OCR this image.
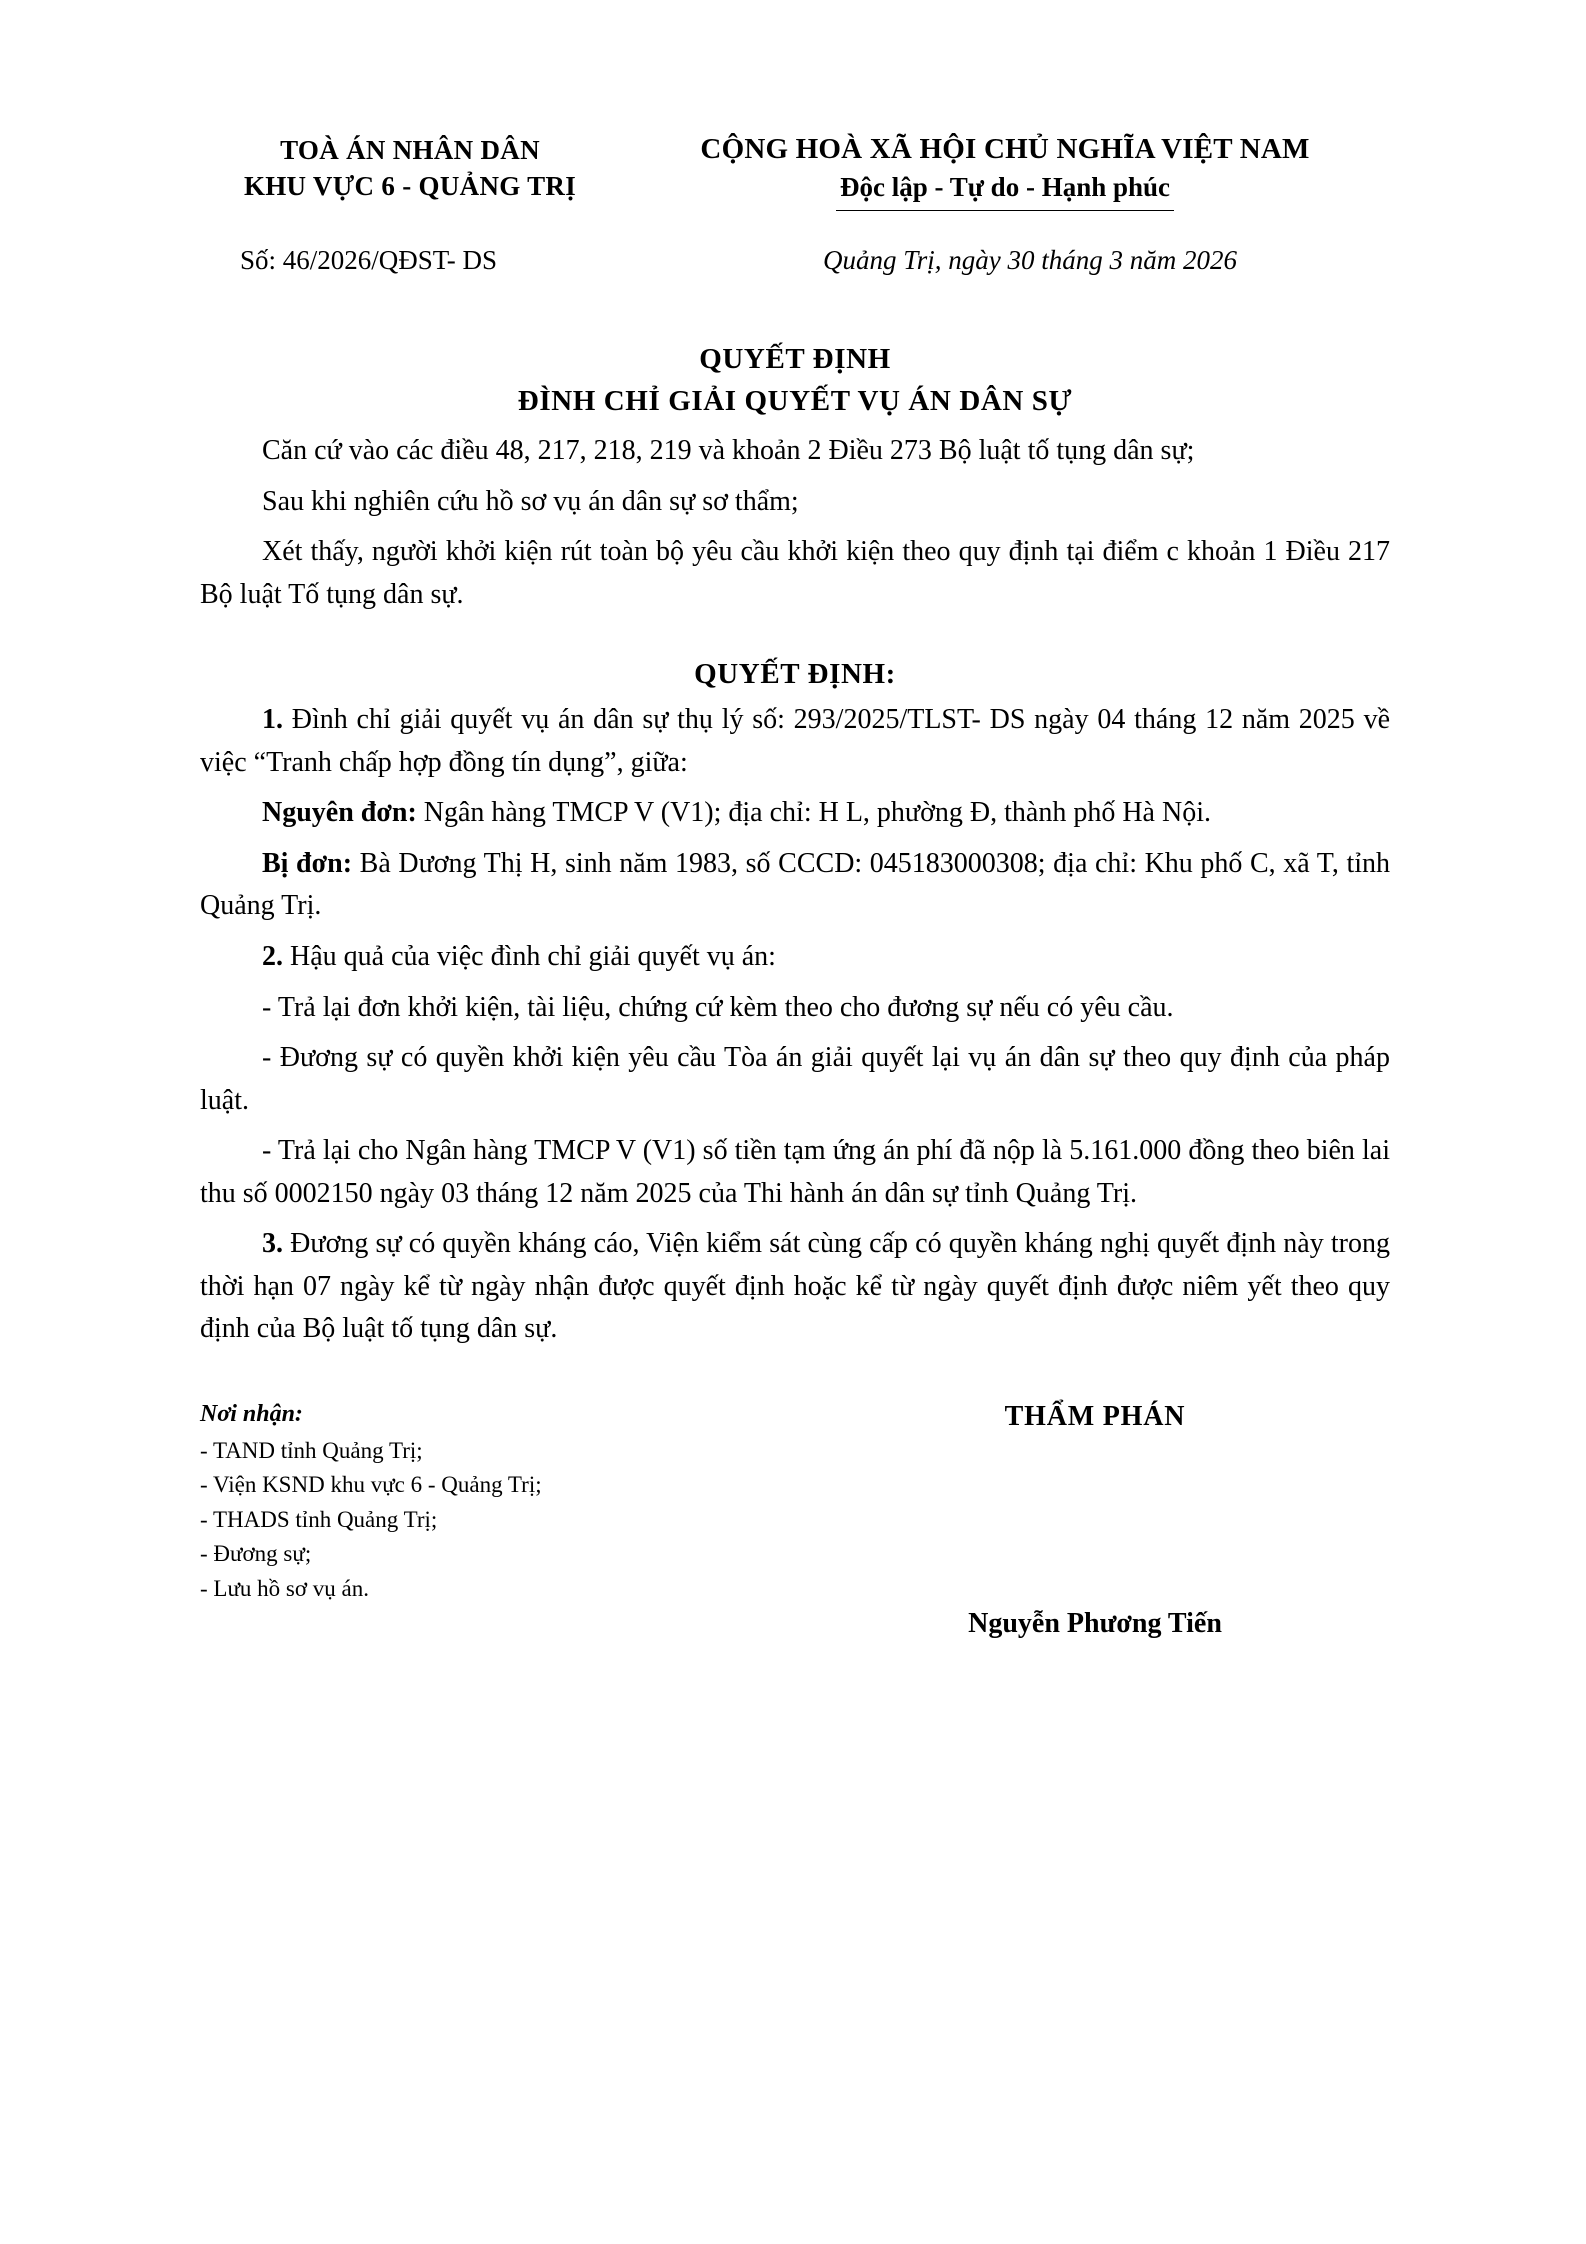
TOÀ ÁN NHÂN DÂN
KHU VỰC 6 - QUẢNG TRỊ
CỘNG HOÀ XÃ HỘI CHỦ NGHĨA VIỆT NAM
Độc lập - Tự do - Hạnh phúc
Số: 46/2026/QĐST- DS	Quảng Trị, ngày 30 tháng 3 năm 2026
QUYẾT ĐỊNH
ĐÌNH CHỈ GIẢI QUYẾT VỤ ÁN DÂN SỰ
Căn cứ vào các điều 48, 217, 218, 219 và khoản 2 Điều 273 Bộ luật tố tụng dân sự;
Sau khi nghiên cứu hồ sơ vụ án dân sự sơ thẩm;
Xét thấy, người khởi kiện rút toàn bộ yêu cầu khởi kiện theo quy định tại điểm c khoản 1 Điều 217 Bộ luật Tố tụng dân sự.
QUYẾT ĐỊNH:
1. Đình chỉ giải quyết vụ án dân sự thụ lý số: 293/2025/TLST- DS ngày 04 tháng 12 năm 2025 về việc “Tranh chấp hợp đồng tín dụng”, giữa:
Nguyên đơn: Ngân hàng TMCP V (V1); địa chỉ: H L, phường Đ, thành phố Hà Nội.
Bị đơn: Bà Dương Thị H, sinh năm 1983, số CCCD: 045183000308; địa chỉ: Khu phố C, xã T, tỉnh Quảng Trị.
2. Hậu quả của việc đình chỉ giải quyết vụ án:
- Trả lại đơn khởi kiện, tài liệu, chứng cứ kèm theo cho đương sự nếu có yêu cầu.
- Đương sự có quyền khởi kiện yêu cầu Tòa án giải quyết lại vụ án dân sự theo quy định của pháp luật.
- Trả lại cho Ngân hàng TMCP V (V1) số tiền tạm ứng án phí đã nộp là 5.161.000 đồng theo biên lai thu số 0002150 ngày 03 tháng 12 năm 2025 của Thi hành án dân sự tỉnh Quảng Trị.
3. Đương sự có quyền kháng cáo, Viện kiểm sát cùng cấp có quyền kháng nghị quyết định này trong thời hạn 07 ngày kể từ ngày nhận được quyết định hoặc kể từ ngày quyết định được niêm yết theo quy định của Bộ luật tố tụng dân sự.
Nơi nhận:
- TAND tỉnh Quảng Trị;
- Viện KSND khu vực 6 - Quảng Trị;
- THADS tỉnh Quảng Trị;
- Đương sự;
- Lưu hồ sơ vụ án.
THẨM PHÁN
Nguyễn Phương Tiến
